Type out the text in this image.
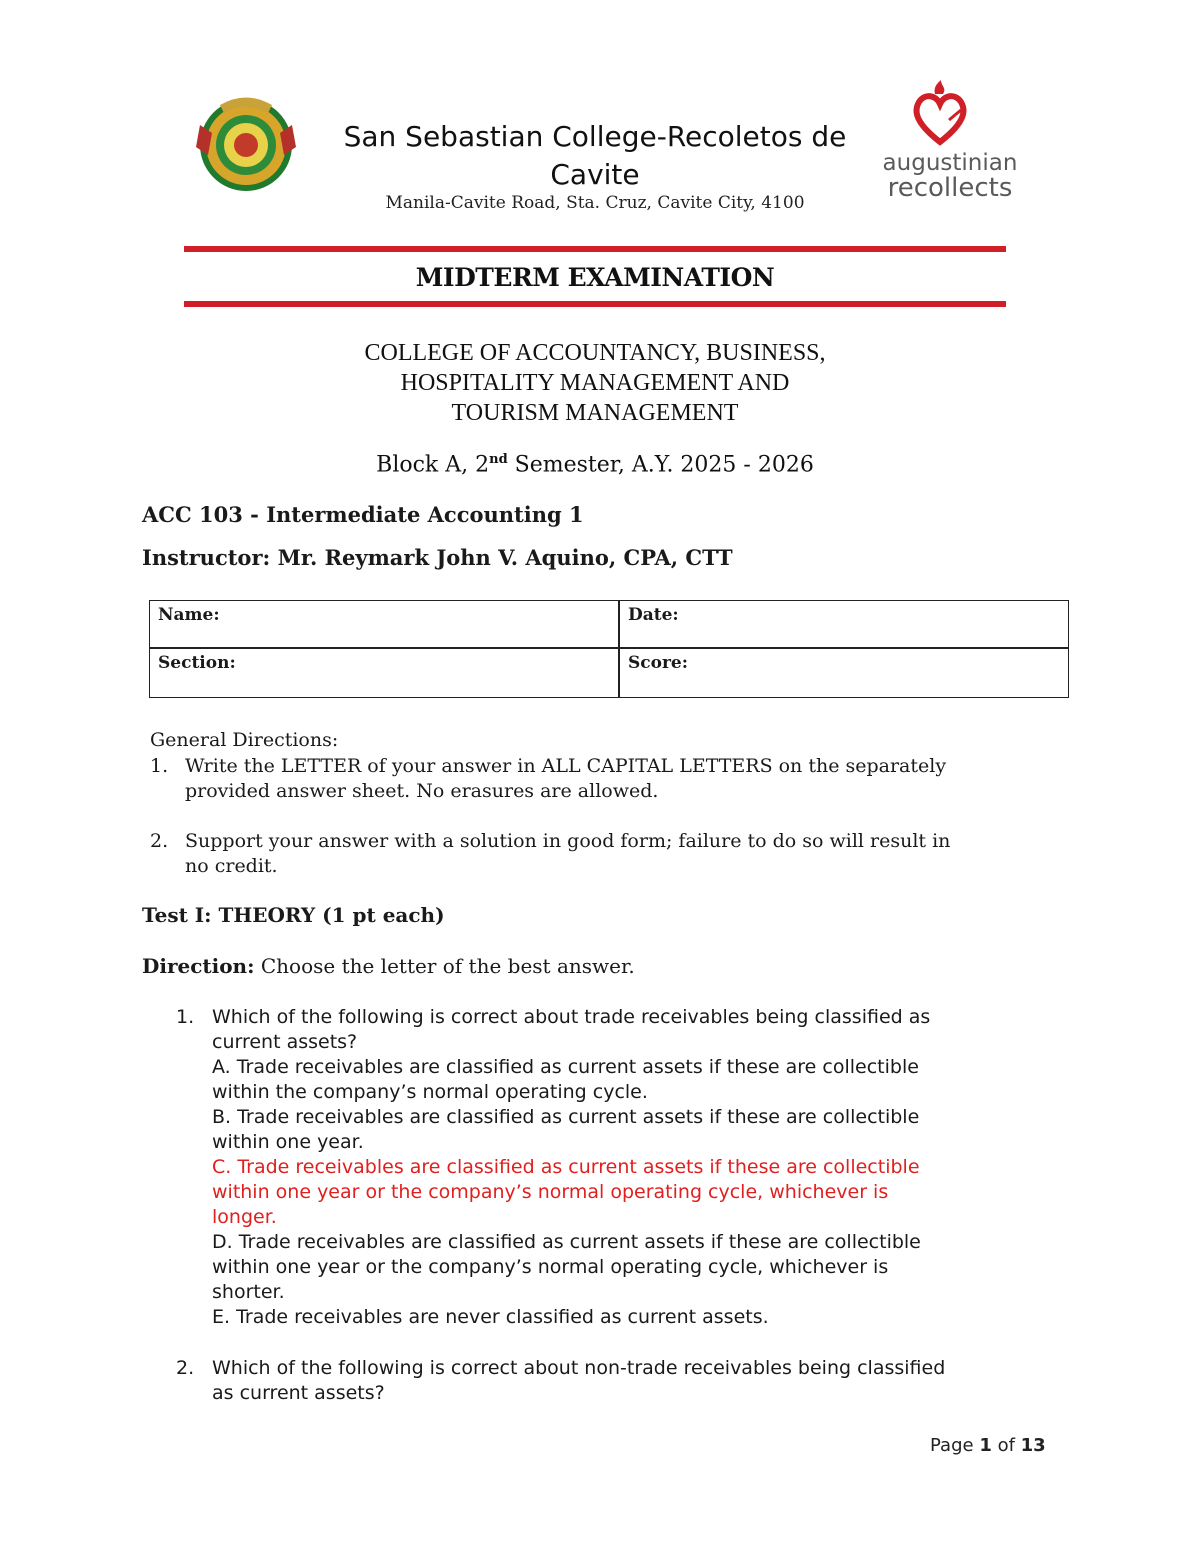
San Sebastian College-Recoletos de
Cavite
Manila-Cavite Road, Sta. Cruz, Cavite City, 4100
augustinian
recollects
MIDTERM EXAMINATION
COLLEGE OF ACCOUNTANCY, BUSINESS,
HOSPITALITY MANAGEMENT AND
TOURISM MANAGEMENT
Block A, 2nd Semester, A.Y. 2025 - 2026
ACC 103 - Intermediate Accounting 1
Instructor: Mr. Reymark John V. Aquino, CPA, CTT
Name:	Date:
Section:	Score:
General Directions:
1. Write the LETTER of your answer in ALL CAPITAL LETTERS on the separately
provided answer sheet. No erasures are allowed.
2. Support your answer with a solution in good form; failure to do so will result in
no credit.
Test I: THEORY (1 pt each)
Direction: Choose the letter of the best answer.
1. Which of the following is correct about trade receivables being classified as
current assets?
A. Trade receivables are classified as current assets if these are collectible
within the company’s normal operating cycle.
B. Trade receivables are classified as current assets if these are collectible
within one year.
C. Trade receivables are classified as current assets if these are collectible
within one year or the company’s normal operating cycle, whichever is
longer.
D. Trade receivables are classified as current assets if these are collectible
within one year or the company’s normal operating cycle, whichever is
shorter.
E. Trade receivables are never classified as current assets.
2. Which of the following is correct about non-trade receivables being classified
as current assets?
Page 1 of 13
